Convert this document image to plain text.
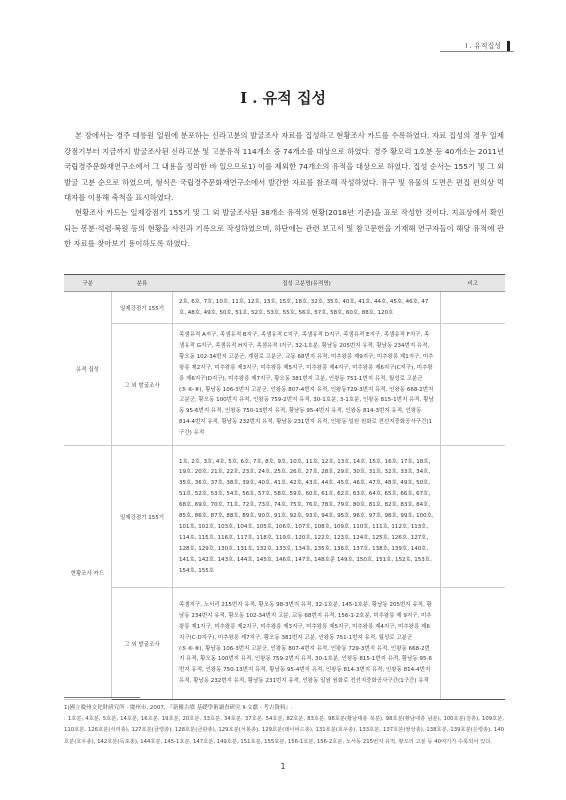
I . 유적집성
I . 유적 집성

본 장에서는 경주 대릉원 일원에 분포하는 신라고분의 발굴조사 자료를 집성하고 현황조사 카드를 수록하였다. 자료 집성의 경우 일제강점기부터 지금까지 발굴조사된 신라고분 및 고분유적 114개소 중 74개소를 대상으로 하였다. 경주 황오리 1호분 등 40개소는 2011년 국립경주문화재연구소에서 그 내용을 정리한 바 있으므로1) 이를 제외한 74개소의 유적을 대상으로 하였다. 집성 순서는 155기 및 그 외 발굴 고분 순으로 하였으며, 형식은 국립경주문화재연구소에서 발간한 자료를 참조해 작성하였다. 유구 및 유물의 도면은 편집 편의상 먹대자를 이용해 축척을 표시하였다.

현황조사 카드는 일제강점기 155기 및 그 외 발굴조사된 38개소 유적의 현황(2018년 기준)을 표로 작성한 것이다. 지표상에서 확인되는 봉분·석렴·복원 등의 현황을 사진과 기록으로 작성하였으며, 하단에는 관련 보고서 및 참고문헌을 기재해 연구자들이 해당 유적에 관한 자료를 찾아보기 용이하도록 하였다.

구분	분류	집성 고분명(유적명)	비고
유적 집성	일제강점기 155기	2호, 6호, 7호, 10호, 11호, 12호, 13호, 15호, 18호, 32호, 35호, 40호, 41호, 44호, 45호, 46호, 47호, 48호, 49호, 50호, 51호, 52호, 53호, 55호, 56호, 57호, 58호, 60호, 88호, 120호	
	그 외 발굴조사	족샘유적 A지구, 족샘유적 B지구, 족샘유적 C지구, 족샘유적 D지구, 족샘유적 E지구, 족샘유적 F지구, 족샘유적 G지구, 족샘유적 H지구, 족샘유적 I지구, 32-1호분, 황남동 205번지 유적, 황남동 234번지 유적, 황오동 102-34번지 고분군, 계림로 고분군, 교동 68번지 유적, 미추왕릉 제9지구, 미추왕릉 제1지구, 미추왕릉 제2지구, 미추왕릉 제3지구, 미추왕릉 제5지구, 미추왕릉 제4지구, 미추왕릉 제6지구(C지구), 미추왕릉 제6지구(D지구), 미추왕릉 제7지구, 황오동 381번지 고분, 인왕동 751-1번지 유적, 월성로 고분군(⑤·⑥·⑧), 황남동 106-3번지 고분군, 인왕동 807-4번지 유적, 인왕동729-3번지 유적, 인왕동 668-2번지 고분군, 황오동 100번지 유적, 인왕동 759-2번지 유적, 30-1호분, 3-1호분, 인왕동 815-1번지 유적, 황남동 95-6번지 유적, 인왕동 750-13번지 유적, 황남동 95-4번지 유적, 인왕동 814-3번지 유적, 인왕동 814-4번지 유적, 황남동 232번지 유적, 황남동 231번지 유적, 인왕동 일원 원화로 전선지중화공사구간(1구간) 유적	
현황조사 카드	일제강점기 155기	1호, 2호, 3호, 4호, 5호, 6호, 7호, 8호, 9호, 10호, 11호, 12호, 13호, 14호, 15호, 16호, 17호, 18호, 19호, 20호, 21호, 22호, 23호, 24호, 25호, 26호, 27호, 28호, 29호, 30호, 31호, 32호, 33호, 34호, 35호, 36호, 37호, 38호, 39호, 40호, 41호, 42호, 43호, 44호, 45호, 46호, 47호, 48호, 49호, 50호, 51호, 52호, 53호, 54호, 56호, 57호, 58호, 59호, 60호, 61호, 62호, 63호, 64호, 65호, 66호, 67호, 68호, 69호, 70호, 71호, 72호, 73호, 74호, 75호, 76호, 78호, 79호, 80호, 81호, 82호, 83호, 84호, 85호, 86호, 87호, 88호, 89호, 90호, 91호, 92호, 93호, 94호, 95호, 96호, 97호, 98호, 99호, 100호, 101호, 102호, 103호, 104호, 105호, 106호, 107호, 108호, 109호, 110호, 111호, 112호, 113호, 114호, 115호, 116호, 117호, 118호, 119호, 120호, 122호, 123호, 124호, 125호, 126호, 127호, 128호, 129호, 130호, 131호, 132호, 133호, 134호, 135호, 136호, 137호, 138호, 139호, 140호, 141호, 142호, 143호, 144호, 145호, 146호, 147호, 148호분 149호, 150호, 151호, 152호, 153호, 154호, 155호	
	그 외 발굴조사	족샘지구, 노서리 215번지 유적, 황오동 98-3번지 유적, 32-1호분, 145-1호분, 황남동 205번지 유적, 황남동 234번지 유적, 황오동 102-34번지 고분, 교동 68번지 유적, 156-1·2호분, 미추왕릉 제 9지구, 미추왕릉 제1지구, 미추왕릉 제2지구, 미추왕릉 제3지구, 미추왕릉 제5지구, 미추왕릉 제4지구, 미추왕릉 제6지구(C·D지구), 미추왕릉 제7지구, 황오동 381번지 고분, 인왕동 751-1번지 유적, 월성로 고분군(⑤·⑥·⑧), 황남동 106-3번지 고분군, 인왕동 807-4번지 유적, 인왕동 729-3번지 유적, 인왕동 668-2번지 유적, 황오동 100번지 유적, 인왕동 759-2번지 유적, 30-1호분, 인왕동 815-1번지 유적, 황남동 95-6번지 유적, 인왕동 750-13번지 유적, 황남동 95-4번지 유적, 인왕동 814-3번지 유적, 인왕동 814-4번지 유적, 황남동 232번지 유적, 황남동 231번지 유적, 인왕동 일원 원화로 전선지중화공사구간(1구간) 유적	

1)國立慶州文化財硏究所 · 慶州市, 2007, 『新羅古墳 基礎學術調査硏究 Ⅱ-文獻 · 考古資料』.

: 1호분, 4호분, 5호분, 14호분, 16호분, 19호분, 20호분, 33호분, 34호분, 37호분, 54호분, 82호분, 83호분, 98호분(황남대총 북분), 98호분(황남대총 남분), 100호분(검총), 109호분, 110호분, 126호분(식리총), 127호분(금령총), 128호분(금관총), 129호분(서봉총), 129호분(데이비드총), 131호분(호우총), 133호분, 137호분(쌍상총), 138호분, 139호분(은령총), 140호분(호우총), 142호분(독포총), 144호분, 145-1호분, 147호분, 149호분, 151호분, 155호분, 156-1호분, 156-2호분, 노서동 215번지 유적, 황오리 고분 등 40여기가 수록되어 있다.

1
